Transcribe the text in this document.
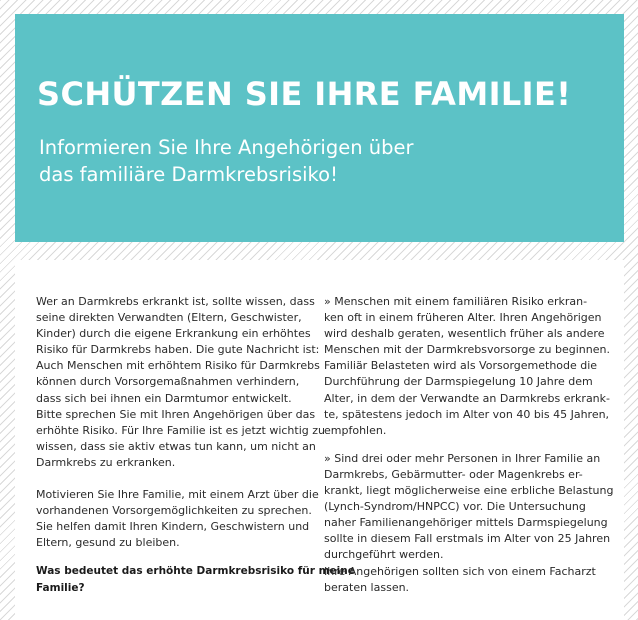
SCHÜTZEN SIE IHRE FAMILIE!
Informieren Sie Ihre Angehörigen über
das familiäre Darmkrebsrisiko!

Wer an Darmkrebs erkrankt ist, sollte wissen, dass
seine direkten Verwandten (Eltern, Geschwister,
Kinder) durch die eigene Erkrankung ein erhöhtes
Risiko für Darmkrebs haben. Die gute Nachricht ist:
Auch Menschen mit erhöhtem Risiko für Darmkrebs
können durch Vorsorgemaßnahmen verhindern,
dass sich bei ihnen ein Darmtumor entwickelt.
Bitte sprechen Sie mit Ihren Angehörigen über das
erhöhte Risiko. Für Ihre Familie ist es jetzt wichtig zu
wissen, dass sie aktiv etwas tun kann, um nicht an
Darmkrebs zu erkranken.

Motivieren Sie Ihre Familie, mit einem Arzt über die
vorhandenen Vorsorgemöglichkeiten zu sprechen.
Sie helfen damit Ihren Kindern, Geschwistern und
Eltern, gesund zu bleiben.

Was bedeutet das erhöhte Darmkrebsrisiko für meine
Familie?

» Menschen mit einem familiären Risiko erkran-
ken oft in einem früheren Alter. Ihren Angehörigen
wird deshalb geraten, wesentlich früher als andere
Menschen mit der Darmkrebsvorsorge zu beginnen.
Familiär Belasteten wird als Vorsorgemethode die
Durchführung der Darmspiegelung 10 Jahre dem
Alter, in dem der Verwandte an Darmkrebs erkrank-
te, spätestens jedoch im Alter von 40 bis 45 Jahren,
empfohlen.

» Sind drei oder mehr Personen in Ihrer Familie an
Darmkrebs, Gebärmutter- oder Magenkrebs er-
krankt, liegt möglicherweise eine erbliche Belastung
(Lynch-Syndrom/HNPCC) vor. Die Untersuchung
naher Familienangehöriger mittels Darmspiegelung
sollte in diesem Fall erstmals im Alter von 25 Jahren
durchgeführt werden.
Ihre Angehörigen sollten sich von einem Facharzt
beraten lassen.
